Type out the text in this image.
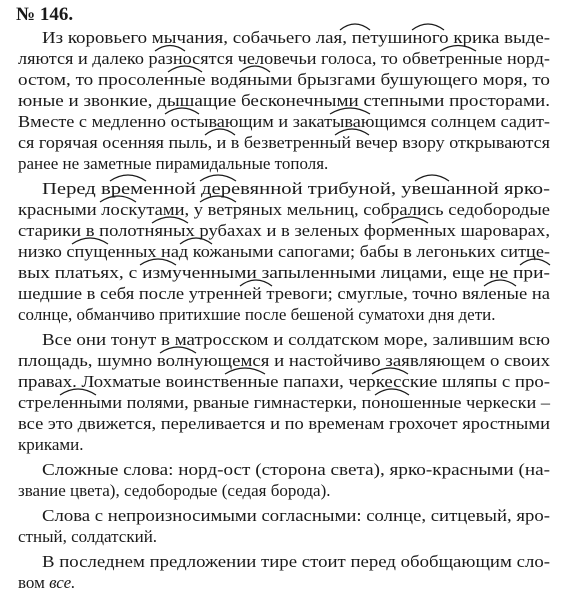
№ 146.
Из коровьего мычания, собачьего лая, петушиного крика выде-
ляются и далеко разносятся человечьи голоса, то обветренные норд-
остом, то просоленные водяными брызгами бушующего моря, то
юные и звонкие, дышащие бесконечными степными просторами.
Вместе с медленно остывающим и закатывающимся солнцем садит-
ся горячая осенняя пыль, и в безветренный вечер взору открываются
ранее не заметные пирамидальные тополя.
Перед временной деревянной трибуной, увешанной ярко-
красными лоскутами, у ветряных мельниц, собрались седобородые
старики в полотняных рубахах и в зеленых форменных шароварах,
низко спущенных над кожаными сапогами; бабы в легоньких ситце-
вых платьях, с измученными запыленными лицами, еще не при-
шедшие в себя после утренней тревоги; смуглые, точно вяленые на
солнце, обманчиво притихшие после бешеной суматохи дня дети.
Все они тонут в матросском и солдатском море, залившим всю
площадь, шумно волнующемся и настойчиво заявляющем о своих
правах. Лохматые воинственные папахи, черкесские шляпы с про-
стреленными полями, рваные гимнастерки, поношенные черкески –
все это движется, переливается и по временам грохочет яростными
криками.
Сложные слова: норд-ост (сторона света), ярко-красными (на-
звание цвета), седобородые (седая борода).
Слова с непроизносимыми согласными: солнце, ситцевый, яро-
стный, солдатский.
В последнем предложении тире стоит перед обобщающим сло-
вом все.
